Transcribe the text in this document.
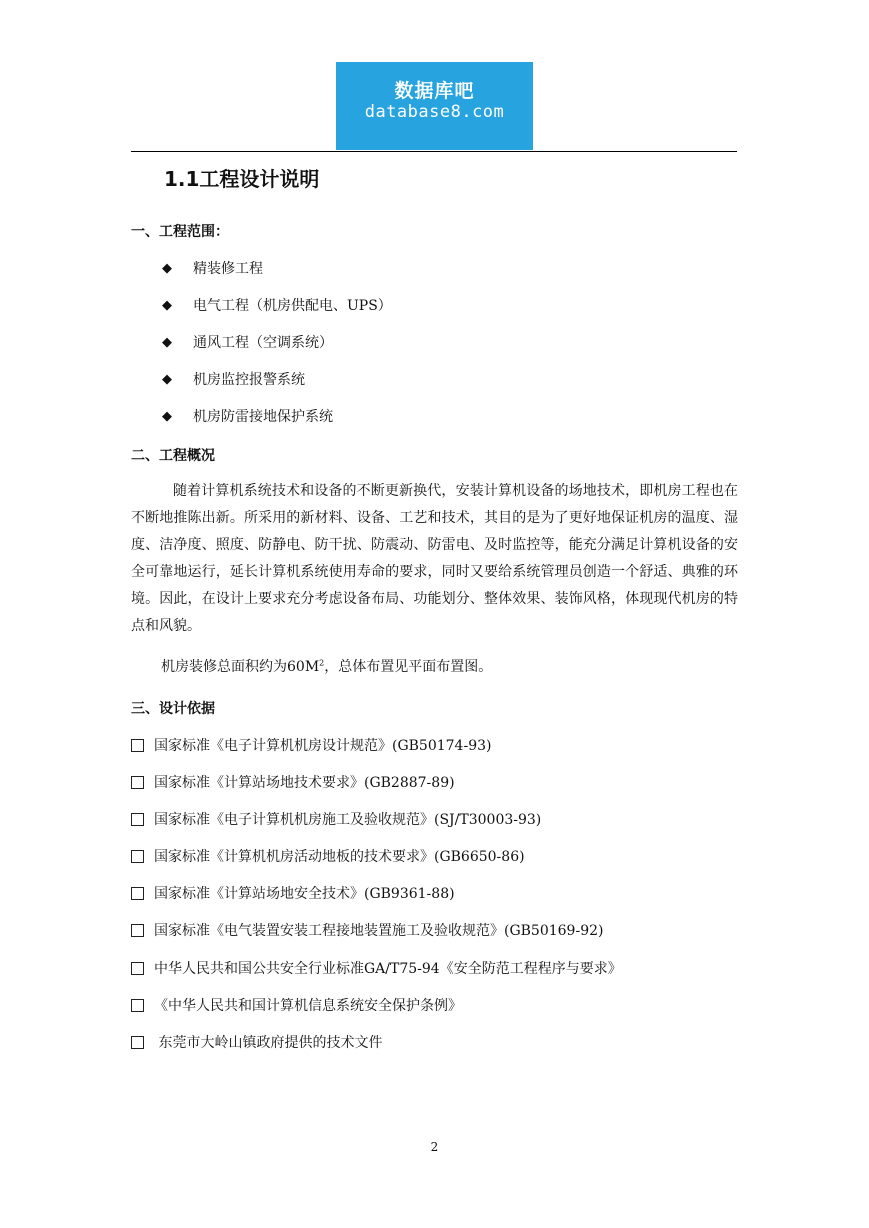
数据库吧
database8.com
1.1工程设计说明
一、工程范围：
◆ 精装修工程
◆ 电气工程（机房供配电、UPS）
◆ 通风工程（空调系统）
◆ 机房监控报警系统
◆ 机房防雷接地保护系统
二、工程概况

随着计算机系统技术和设备的不断更新换代，安装计算机设备的场地技术，即机房工程也在不断地推陈出新。所采用的新材料、设备、工艺和技术，其目的是为了更好地保证机房的温度、湿度、洁净度、照度、防静电、防干扰、防震动、防雷电、及时监控等，能充分满足计算机设备的安全可靠地运行，延长计算机系统使用寿命的要求，同时又要给系统管理员创造一个舒适、典雅的环境。因此，在设计上要求充分考虑设备布局、功能划分、整体效果、装饰风格，体现现代机房的特点和风貌。

机房装修总面积约为$60M^2$，总体布置见平面布置图。
三、设计依据
国家标准《电子计算机机房设计规范》(GB50174-93)
国家标准《计算站场地技术要求》(GB2887-89)
国家标准《电子计算机机房施工及验收规范》(SJ/T30003-93)
国家标准《计算机机房活动地板的技术要求》(GB6650-86)
国家标准《计算站场地安全技术》(GB9361-88)
国家标准《电气装置安装工程接地装置施工及验收规范》(GB50169-92)
中华人民共和国公共安全行业标准GA/T75-94《安全防范工程程序与要求》
《中华人民共和国计算机信息系统安全保护条例》
东莞市大岭山镇政府提供的技术文件
2
